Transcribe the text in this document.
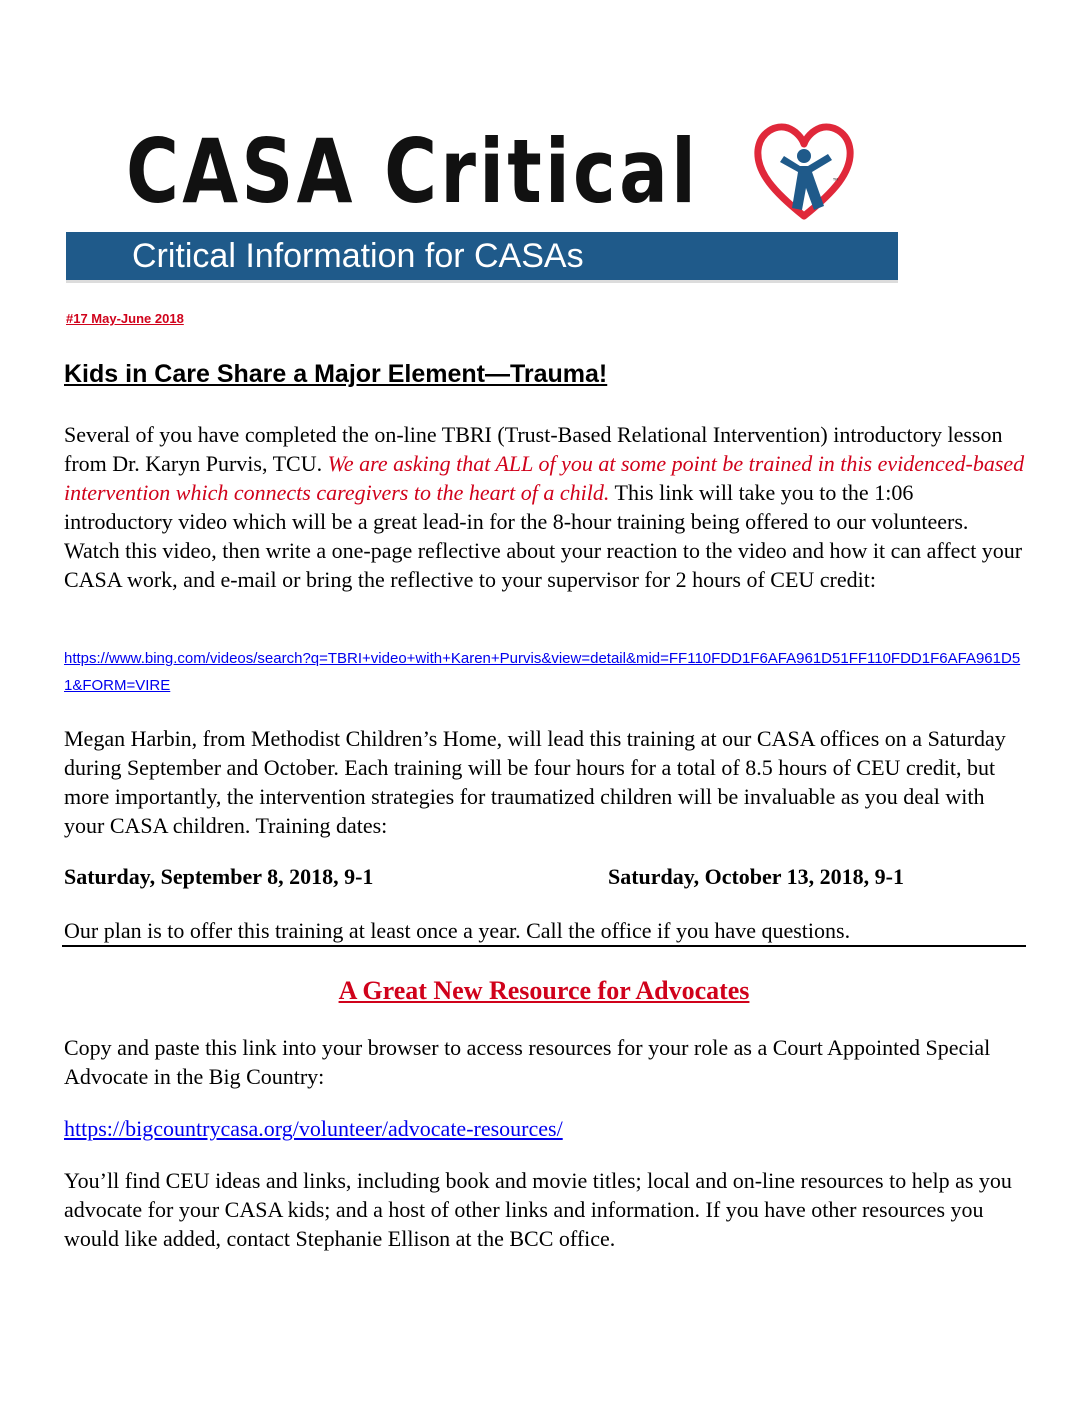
CASA Critical	™
Critical Information for CASAs
#17 May-June 2018
Kids in Care Share a Major Element—Trauma!
Several of you have completed the on-line TBRI (Trust-Based Relational Intervention) introductory lesson from Dr. Karyn Purvis, TCU. We are asking that ALL of you at some point be trained in this evidenced-based intervention which connects caregivers to the heart of a child. This link will take you to the 1:06 introductory video which will be a great lead-in for the 8-hour training being offered to our volunteers. Watch this video, then write a one-page reflective about your reaction to the video and how it can affect your CASA work, and e-mail or bring the reflective to your supervisor for 2 hours of CEU credit:
https://www.bing.com/videos/search?q=TBRI+video+with+Karen+Purvis&view=detail&mid=FF110FDD1F6AFA961D51FF110FDD1F6AFA961D51&FORM=VIRE
Megan Harbin, from Methodist Children’s Home, will lead this training at our CASA offices on a Saturday during September and October. Each training will be four hours for a total of 8.5 hours of CEU credit, but more importantly, the intervention strategies for traumatized children will be invaluable as you deal with your CASA children. Training dates:
Saturday, September 8, 2018, 9-1	Saturday, October 13, 2018, 9-1
Our plan is to offer this training at least once a year. Call the office if you have questions.
A Great New Resource for Advocates
Copy and paste this link into your browser to access resources for your role as a Court Appointed Special Advocate in the Big Country:
https://bigcountrycasa.org/volunteer/advocate-resources/
You’ll find CEU ideas and links, including book and movie titles; local and on-line resources to help as you advocate for your CASA kids; and a host of other links and information. If you have other resources you would like added, contact Stephanie Ellison at the BCC office.
